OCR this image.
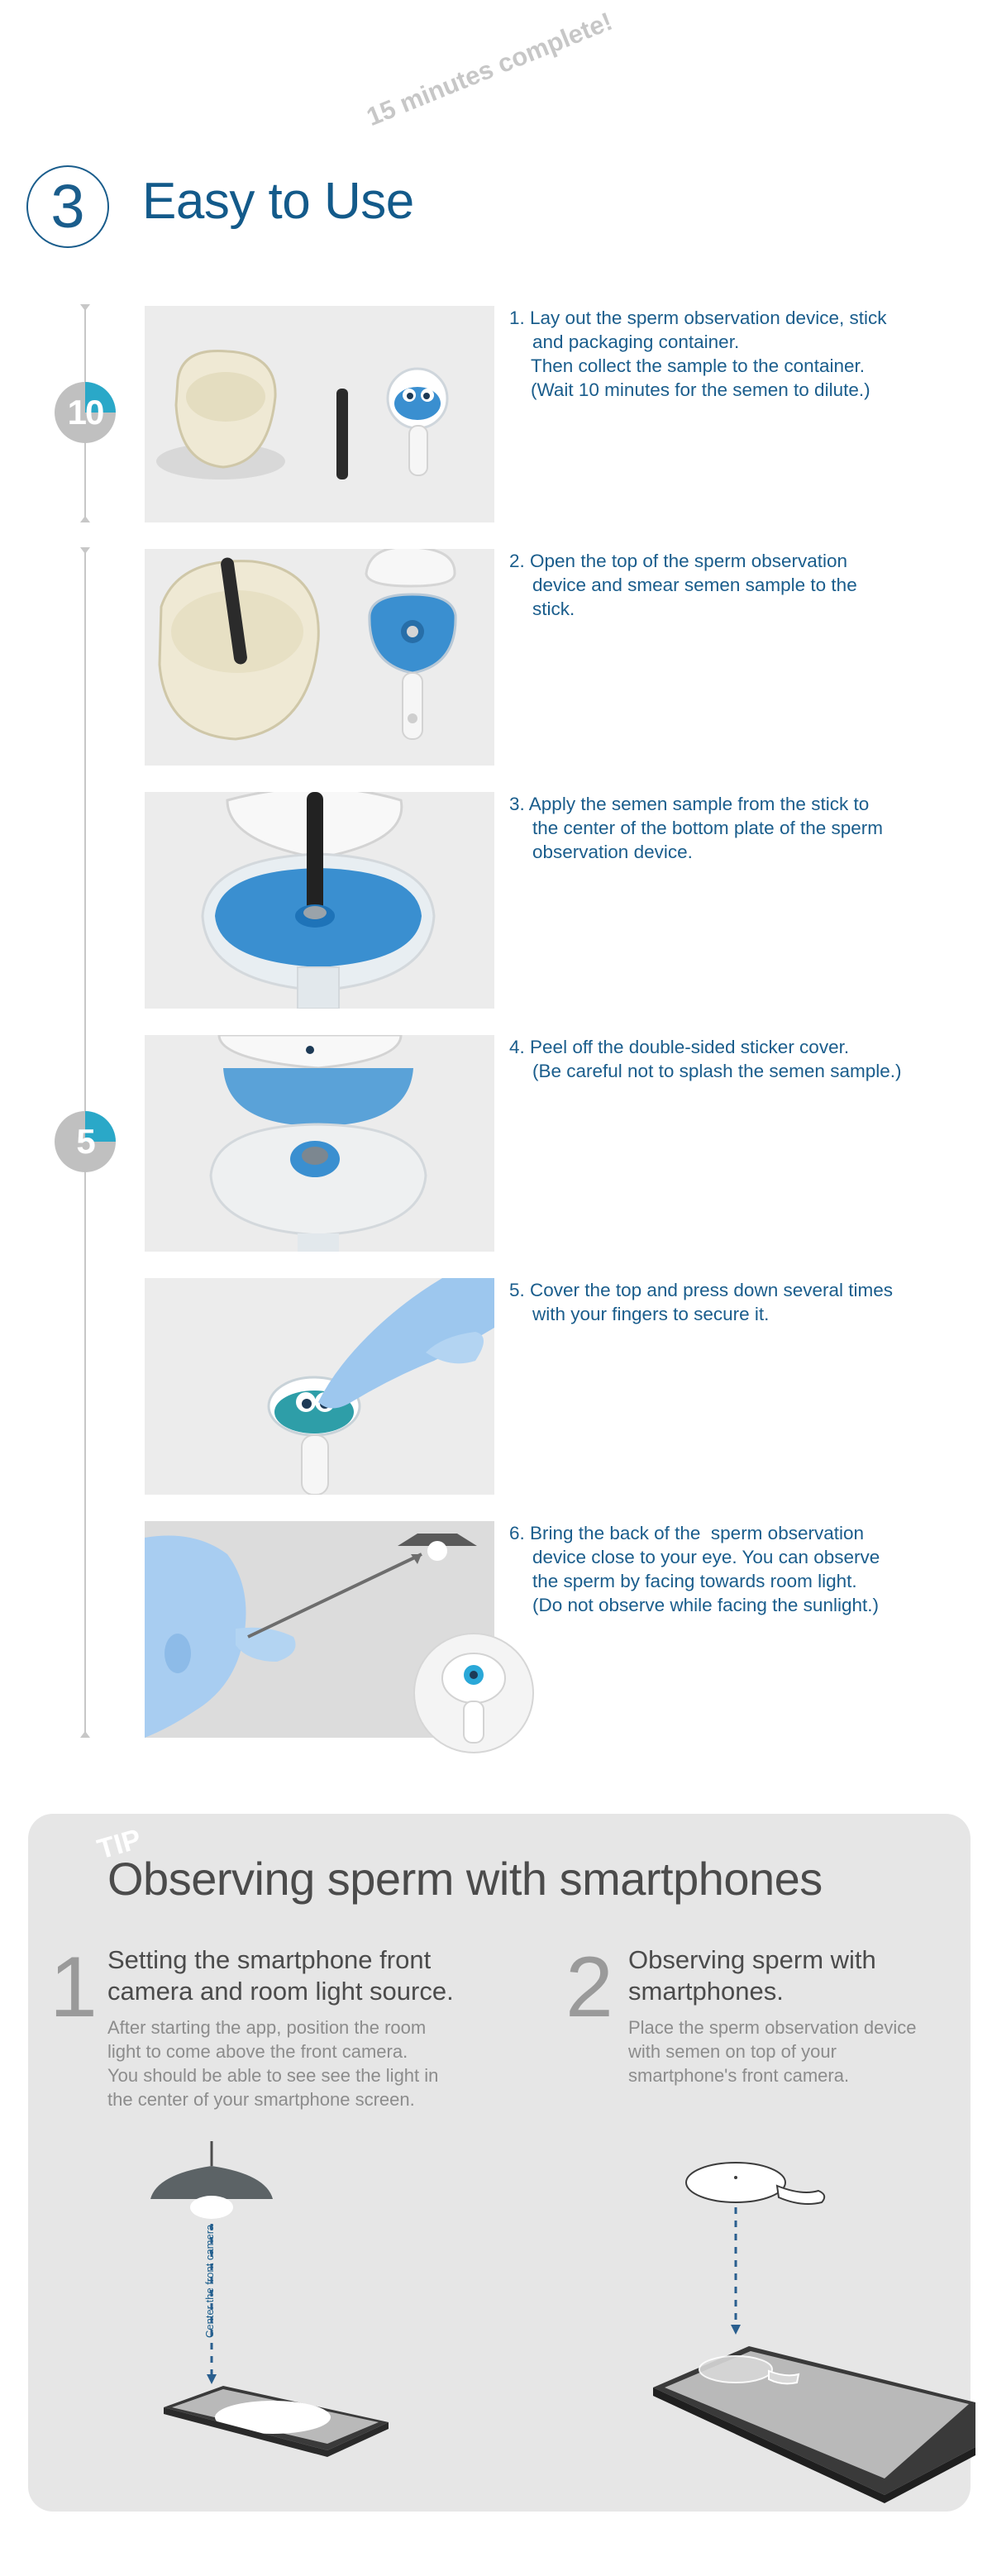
3 Easy to Use
15 minutes complete!
10
5
1. Lay out the sperm observation device, stick
and packaging container.
Then collect the sample to the container.
(Wait 10 minutes for the semen to dilute.)
2. Open the top of the sperm observation
device and smear semen sample to the
stick.
3. Apply the semen sample from the stick to
the center of the bottom plate of the sperm
observation device.
4. Peel off the double-sided sticker cover.
(Be careful not to splash the semen sample.)
5. Cover the top and press down several times
with your fingers to secure it.
6. Bring the back of the  sperm observation
device close to your eye. You can observe
the sperm by facing towards room light.
(Do not observe while facing the sunlight.)
TIP
Observing sperm with smartphones
1 Setting the smartphone front
camera and room light source.
After starting the app, position the room
light to come above the front camera.
You should be able to see see the light in
the center of your smartphone screen.
2 Observing sperm with
smartphones.
Place the sperm observation device
with semen on top of your
smartphone's front camera.
Center the front camera
